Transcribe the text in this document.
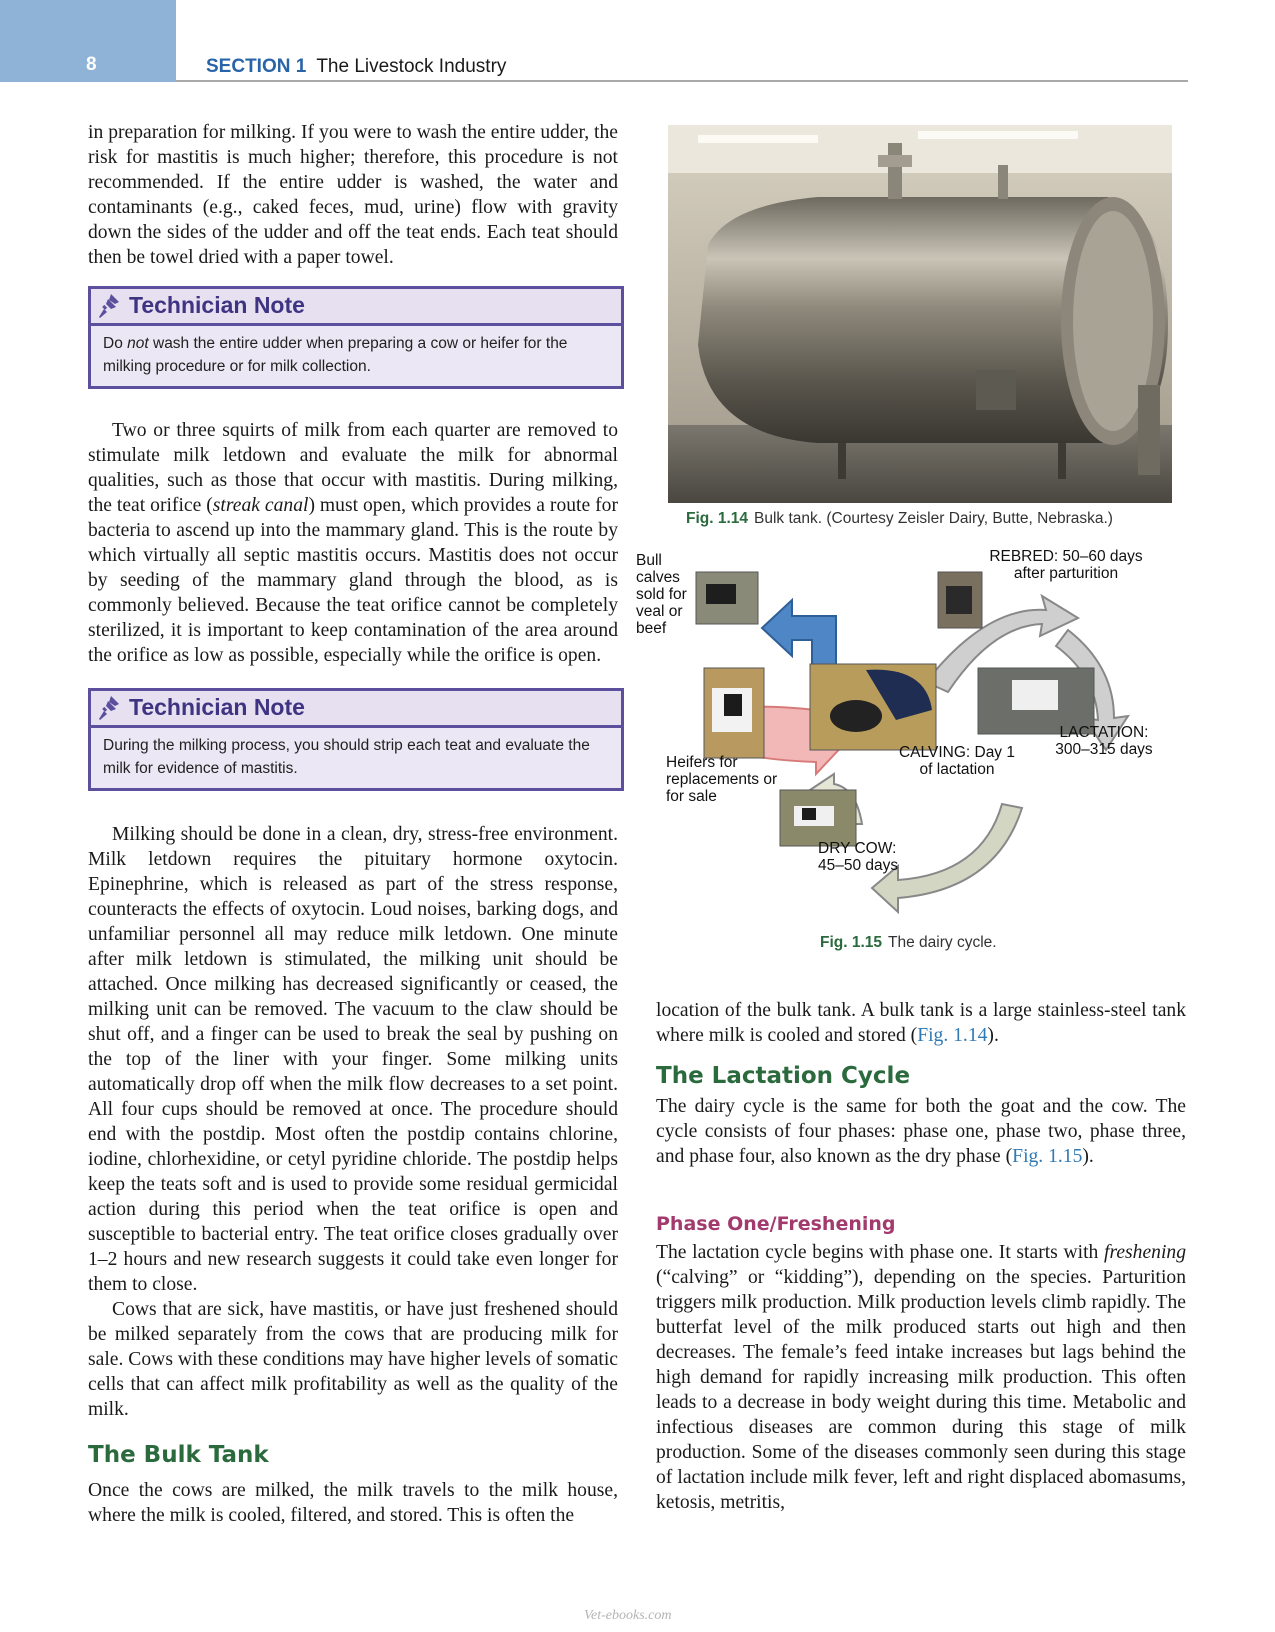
8	SECTION 1 The Livestock Industry

in preparation for milking. If you were to wash the entire udder, the risk for mastitis is much higher; therefore, this procedure is not recommended. If the entire udder is washed, the water and contaminants (e.g., caked feces, mud, urine) flow with gravity down the sides of the udder and off the teat ends. Each teat should then be towel dried with a paper towel.

Technician Note
Do not wash the entire udder when preparing a cow or heifer for the milking procedure or for milk collection.

Two or three squirts of milk from each quarter are removed to stimulate milk letdown and evaluate the milk for abnormal qualities, such as those that occur with mastitis. During milking, the teat orifice (streak canal) must open, which provides a route for bacteria to ascend up into the mammary gland. This is the route by which virtually all septic mastitis occurs. Mastitis does not occur by seeding of the mammary gland through the blood, as is commonly believed. Because the teat orifice cannot be completely sterilized, it is important to keep contamination of the area around the orifice as low as possible, especially while the orifice is open.

Technician Note
During the milking process, you should strip each teat and evaluate the milk for evidence of mastitis.

Milking should be done in a clean, dry, stress-free environment. Milk letdown requires the pituitary hormone oxytocin. Epinephrine, which is released as part of the stress response, counteracts the effects of oxytocin. Loud noises, barking dogs, and unfamiliar personnel all may reduce milk letdown. One minute after milk letdown is stimulated, the milking unit should be attached. Once milking has decreased significantly or ceased, the milking unit can be removed. The vacuum to the claw should be shut off, and a finger can be used to break the seal by pushing on the top of the liner with your finger. Some milking units automatically drop off when the milk flow decreases to a set point. All four cups should be removed at once. The procedure should end with the postdip. Most often the postdip contains chlorine, iodine, chlorhexidine, or cetyl pyridine chloride. The postdip helps keep the teats soft and is used to provide some residual germicidal action during this period when the teat orifice is open and susceptible to bacterial entry. The teat orifice closes gradually over 1–2 hours and new research suggests it could take even longer for them to close.

Cows that are sick, have mastitis, or have just freshened should be milked separately from the cows that are producing milk for sale. Cows with these conditions may have higher levels of somatic cells that can affect milk profitability as well as the quality of the milk.

The Bulk Tank

Once the cows are milked, the milk travels to the milk house, where the milk is cooled, filtered, and stored. This is often the

Fig. 1.14 Bulk tank. (Courtesy Zeisler Dairy, Butte, Nebraska.)
Bull calves sold for veal or beef
REBRED: 50–60 days
after parturition
LACTATION:
300–315 days
CALVING: Day 1
of lactation
Heifers for
replacements or
for sale
DRY COW:
45–50 days
Fig. 1.15 The dairy cycle.

location of the bulk tank. A bulk tank is a large stainless-steel tank where milk is cooled and stored (Fig. 1.14).

The Lactation Cycle

The dairy cycle is the same for both the goat and the cow. The cycle consists of four phases: phase one, phase two, phase three, and phase four, also known as the dry phase (Fig. 1.15).

Phase One/Freshening

The lactation cycle begins with phase one. It starts with freshening (“calving” or “kidding”), depending on the species. Parturition triggers milk production. Milk production levels climb rapidly. The butterfat level of the milk produced starts out high and then decreases. The female’s feed intake increases but lags behind the high demand for rapidly increasing milk production. This often leads to a decrease in body weight during this time. Metabolic and infectious diseases are common during this stage of milk production. Some of the diseases commonly seen during this stage of lactation include milk fever, left and right displaced abomasums, ketosis, metritis,

Vet-ebooks.com
